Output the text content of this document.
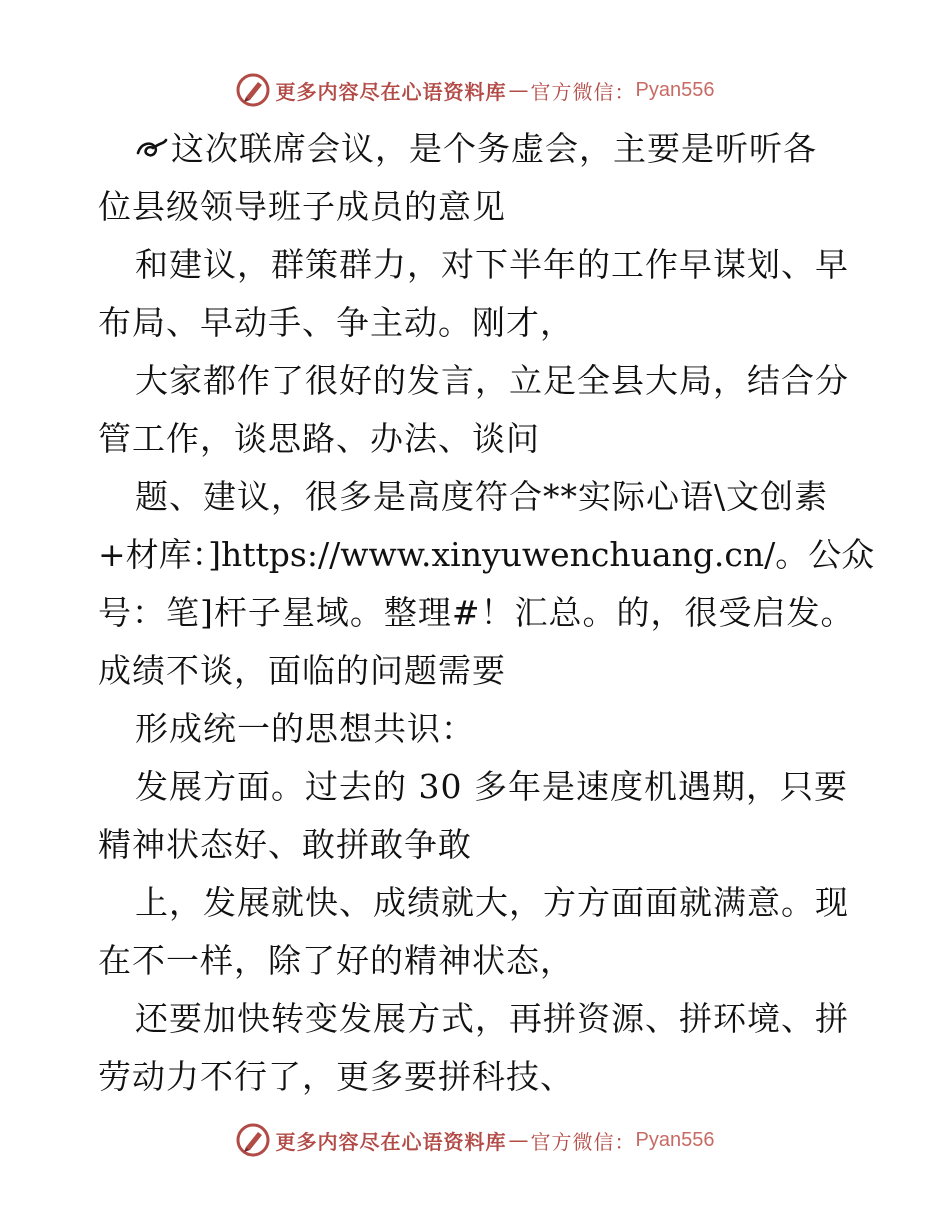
更多内容尽在心语资料库 — 官方微信： Pyan556
这次联席会议，是个务虚会，主要是听听各
位县级领导班子成员的意见
和建议，群策群力，对下半年的工作早谋划、早
布局、早动手、争主动。刚才，
大家都作了很好的发言，立足全县大局，结合分
管工作，谈思路、办法、谈问
题、建议，很多是高度符合**实际心语\文创素
+材库：]https://www.xinyuwenchuang.cn/。公众
号：笔]杆子星域。整理#！汇总。的，很受启发。
成绩不谈，面临的问题需要
形成统一的思想共识：
发展方面。过去的 30 多年是速度机遇期，只要
精神状态好、敢拼敢争敢
上，发展就快、成绩就大，方方面面就满意。现
在不一样，除了好的精神状态，
还要加快转变发展方式，再拼资源、拼环境、拼
劳动力不行了，更多要拼科技、
更多内容尽在心语资料库 — 官方微信： Pyan556
